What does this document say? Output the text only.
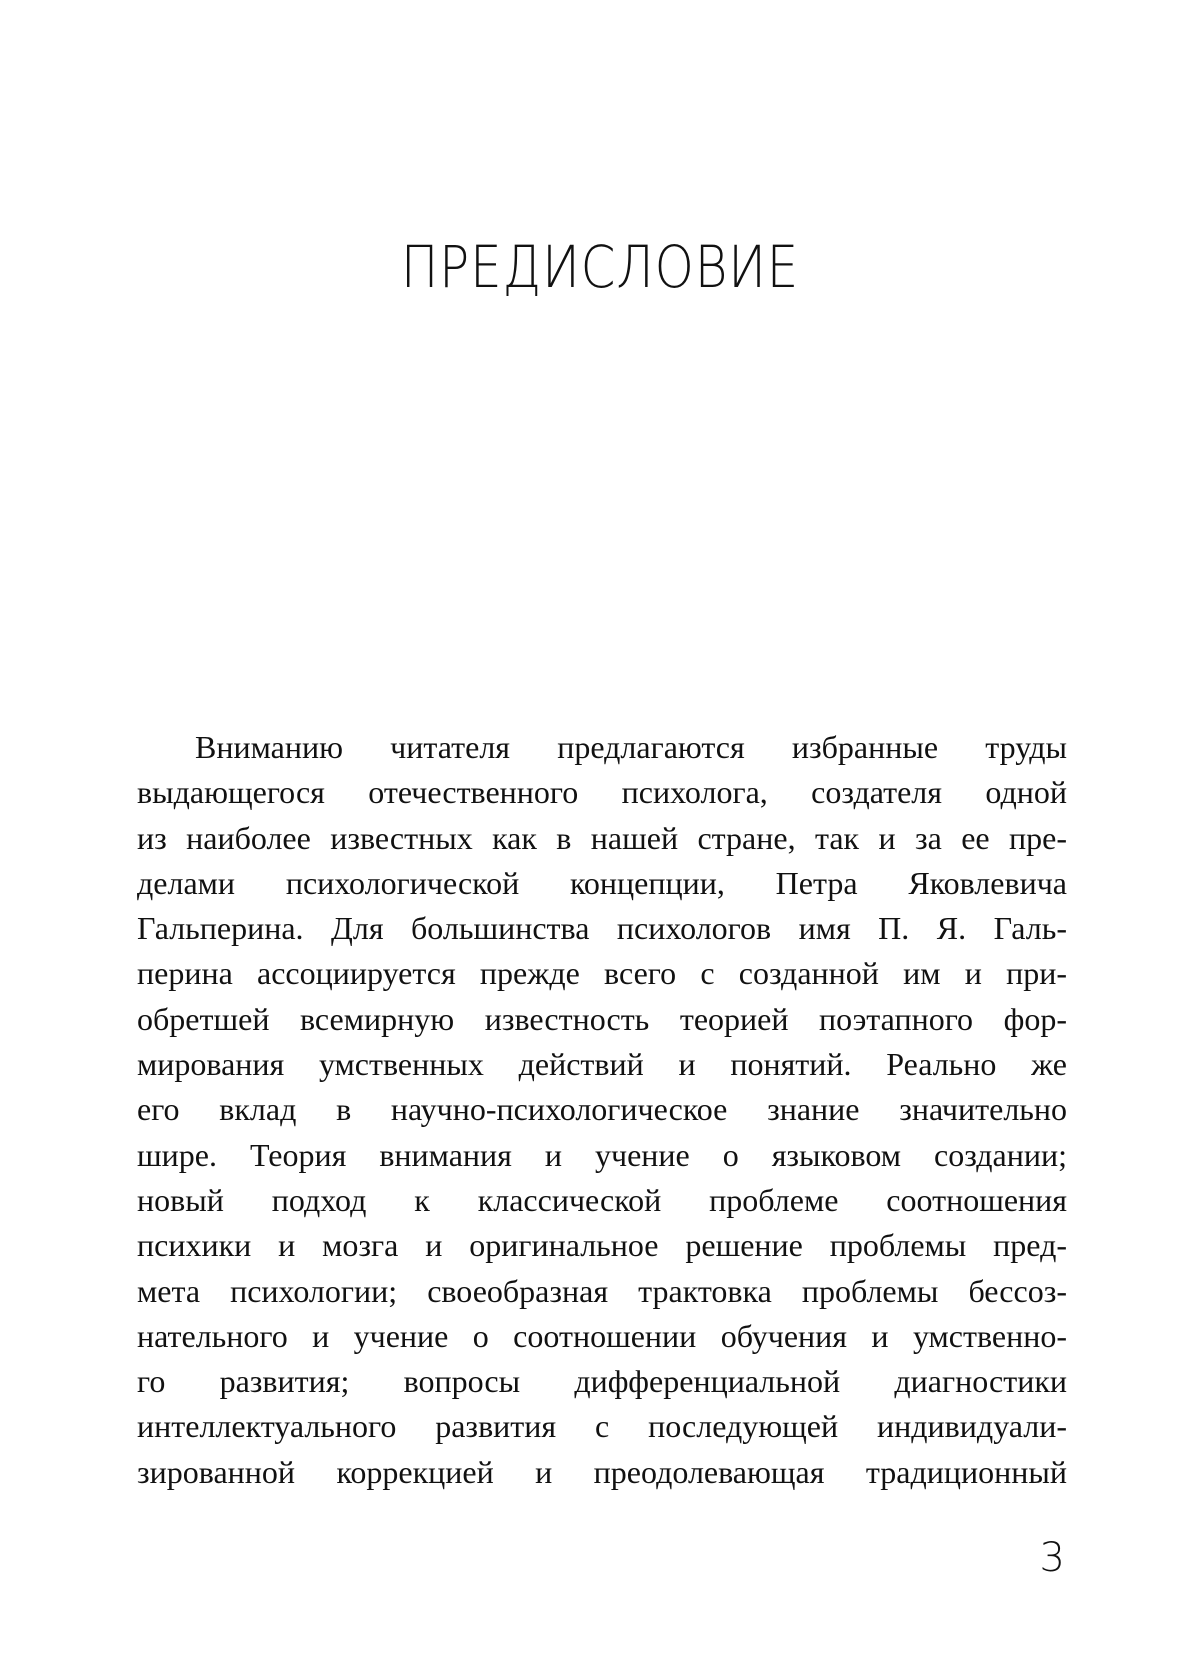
ПРЕДИСЛОВИЕ
Вниманию читателя предлагаются избранные труды
выдающегося отечественного психолога, создателя одной
из наиболее известных как в нашей стране, так и за ее пре-
делами психологической концепции, Петра Яковлевича
Гальперина. Для большинства психологов имя П. Я. Галь-
перина ассоциируется прежде всего с созданной им и при-
обретшей всемирную известность теорией поэтапного фор-
мирования умственных действий и понятий. Реально же
его вклад в научно-психологическое знание значительно
шире. Теория внимания и учение о языковом создании;
новый подход к классической проблеме соотношения
психики и мозга и оригинальное решение проблемы пред-
мета психологии; своеобразная трактовка проблемы бессоз-
нательного и учение о соотношении обучения и умственно-
го развития; вопросы дифференциальной диагностики
интеллектуального развития с последующей индивидуали-
зированной коррекцией и преодолевающая традиционный
3
